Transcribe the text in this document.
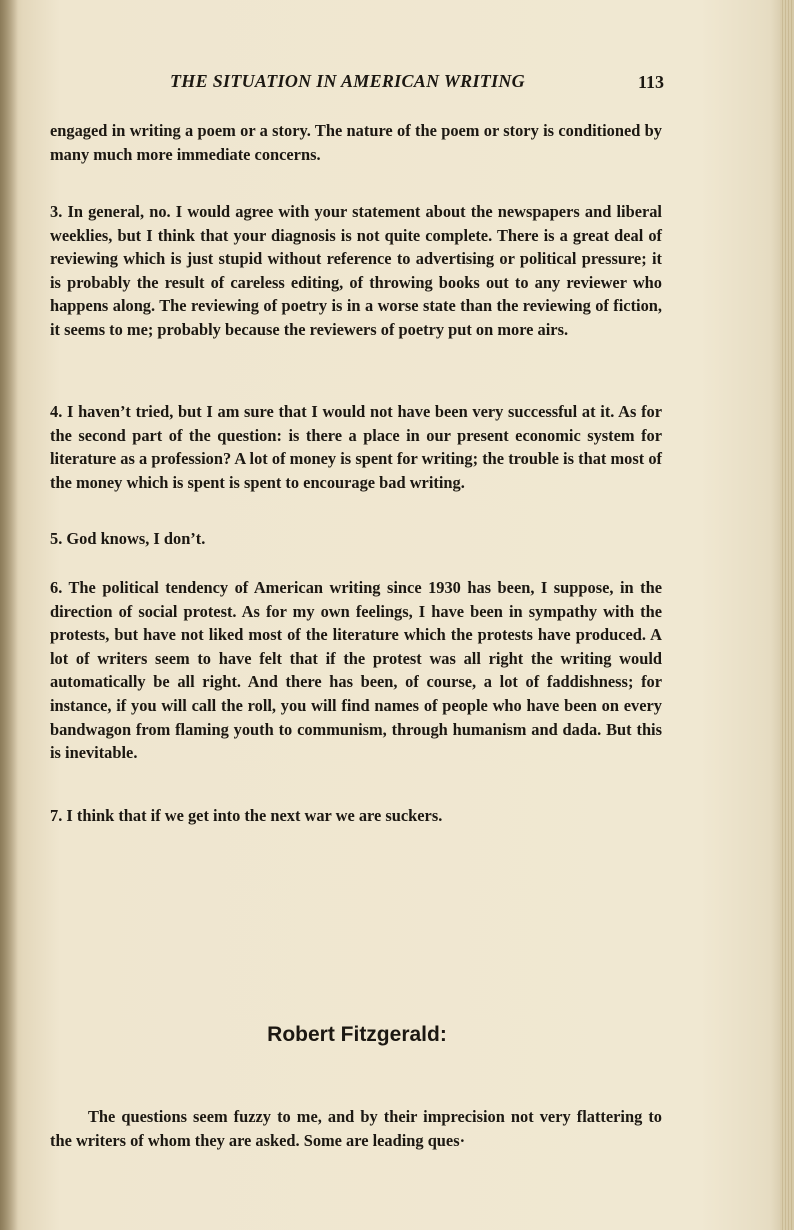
THE SITUATION IN AMERICAN WRITING	113

engaged in writing a poem or a story. The nature of the poem or story is conditioned by many much more immediate concerns.

3. In general, no. I would agree with your statement about the newspapers and liberal weeklies, but I think that your diagnosis is not quite complete. There is a great deal of reviewing which is just stupid without reference to advertising or political pressure; it is probably the result of careless editing, of throwing books out to any reviewer who happens along. The reviewing of poetry is in a worse state than the reviewing of fiction, it seems to me; probably because the reviewers of poetry put on more airs.

4. I haven’t tried, but I am sure that I would not have been very successful at it. As for the second part of the question: is there a place in our present economic system for literature as a profession? A lot of money is spent for writing; the trouble is that most of the money which is spent is spent to encourage bad writing.

5. God knows, I don’t.

6. The political tendency of American writing since 1930 has been, I suppose, in the direction of social protest. As for my own feelings, I have been in sympathy with the protests, but have not liked most of the literature which the protests have produced. A lot of writers seem to have felt that if the protest was all right the writing would automatically be all right. And there has been, of course, a lot of faddishness; for instance, if you will call the roll, you will find names of people who have been on every bandwagon from flaming youth to communism, through humanism and dada. But this is inevitable.

7. I think that if we get into the next war we are suckers.

Robert Fitzgerald:

The questions seem fuzzy to me, and by their imprecision not very flattering to the writers of whom they are asked. Some are leading ques·
